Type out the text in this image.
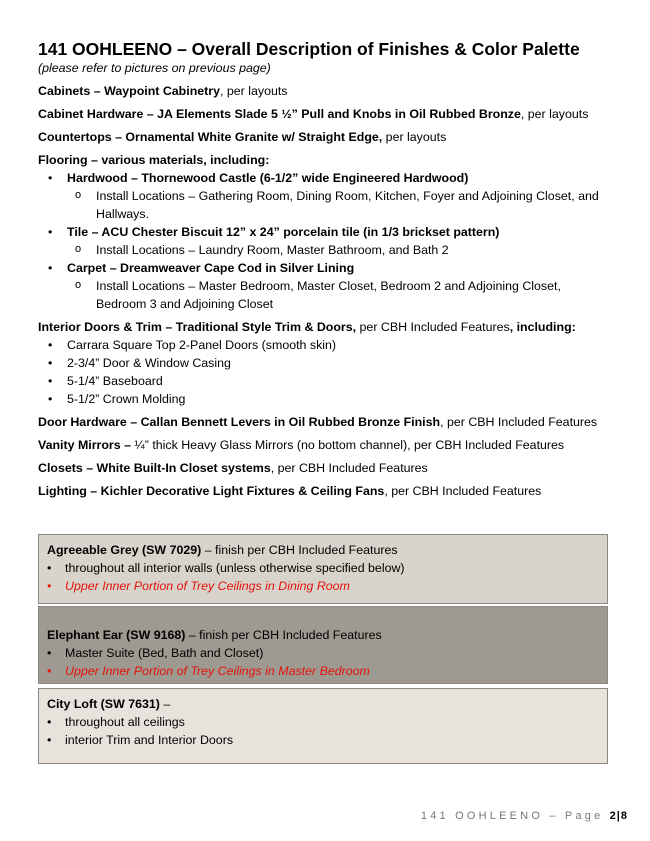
141 OOHLEENO – Overall Description of Finishes & Color Palette
(please refer to pictures on previous page)

Cabinets – Waypoint Cabinetry, per layouts

Cabinet Hardware – JA Elements Slade 5 ½” Pull and Knobs in Oil Rubbed Bronze, per layouts

Countertops – Ornamental White Granite w/ Straight Edge, per layouts

Flooring – various materials, including:
• Hardwood – Thornewood Castle (6-1/2” wide Engineered Hardwood)
o Install Locations – Gathering Room, Dining Room, Kitchen, Foyer and Adjoining Closet, and Hallways.
• Tile – ACU Chester Biscuit 12” x 24” porcelain tile (in 1/3 brickset pattern)
o Install Locations – Laundry Room, Master Bathroom, and Bath 2
• Carpet – Dreamweaver Cape Cod in Silver Lining
o Install Locations – Master Bedroom, Master Closet, Bedroom 2 and Adjoining Closet, Bedroom 3 and Adjoining Closet
Interior Doors & Trim – Traditional Style Trim & Doors, per CBH Included Features, including:
• Carrara Square Top 2-Panel Doors (smooth skin)
• 2-3/4” Door & Window Casing
• 5-1/4” Baseboard
• 5-1/2” Crown Molding

Door Hardware – Callan Bennett Levers in Oil Rubbed Bronze Finish, per CBH Included Features

Vanity Mirrors – ¼” thick Heavy Glass Mirrors (no bottom channel), per CBH Included Features

Closets – White Built-In Closet systems, per CBH Included Features

Lighting – Kichler Decorative Light Fixtures & Ceiling Fans, per CBH Included Features

Agreeable Grey (SW 7029) – finish per CBH Included Features
• throughout all interior walls (unless otherwise specified below)
• Upper Inner Portion of Trey Ceilings in Dining Room
Elephant Ear (SW 9168) – finish per CBH Included Features
• Master Suite (Bed, Bath and Closet)
• Upper Inner Portion of Trey Ceilings in Master Bedroom
City Loft (SW 7631) –
• throughout all ceilings
• interior Trim and Interior Doors
141 OOHLEENO – Page 2|8
